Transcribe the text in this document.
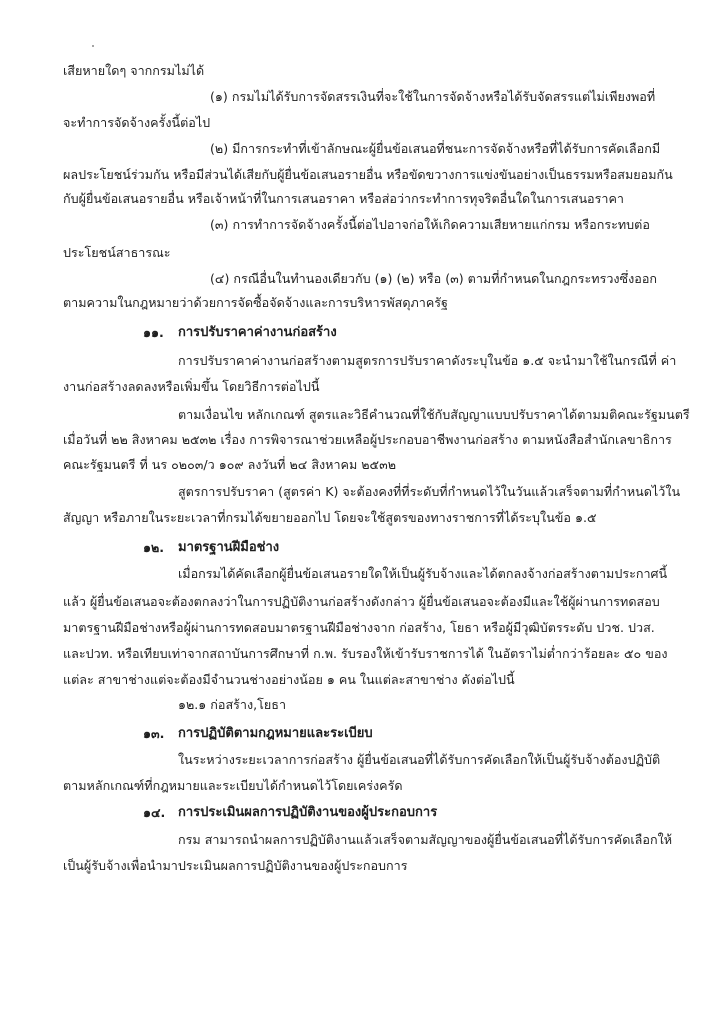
เสียหายใดๆ จากกรมไม่ได้
(๑) กรมไม่ได้รับการจัดสรรเงินที่จะใช้ในการจัดจ้างหรือได้รับจัดสรรแต่ไม่เพียงพอที่
จะทำการจัดจ้างครั้งนี้ต่อไป
(๒) มีการกระทำที่เข้าลักษณะผู้ยื่นข้อเสนอที่ชนะการจัดจ้างหรือที่ได้รับการคัดเลือกมี
ผลประโยชน์ร่วมกัน หรือมีส่วนได้เสียกับผู้ยื่นข้อเสนอรายอื่น หรือขัดขวางการแข่งขันอย่างเป็นธรรมหรือสมยอมกัน
กับผู้ยื่นข้อเสนอรายอื่น หรือเจ้าหน้าที่ในการเสนอราคา หรือส่อว่ากระทำการทุจริตอื่นใดในการเสนอราคา
(๓) การทำการจัดจ้างครั้งนี้ต่อไปอาจก่อให้เกิดความเสียหายแก่กรม หรือกระทบต่อ
ประโยชน์สาธารณะ
(๔) กรณีอื่นในทำนองเดียวกับ (๑) (๒) หรือ (๓) ตามที่กำหนดในกฎกระทรวงซึ่งออก
ตามความในกฎหมายว่าด้วยการจัดซื้อจัดจ้างและการบริหารพัสดุภาครัฐ
๑๑. การปรับราคาค่างานก่อสร้าง
การปรับราคาค่างานก่อสร้างตามสูตรการปรับราคาดังระบุในข้อ ๑.๕ จะนำมาใช้ในกรณีที่ ค่า
งานก่อสร้างลดลงหรือเพิ่มขึ้น โดยวิธีการต่อไปนี้
ตามเงื่อนไข หลักเกณฑ์ สูตรและวิธีคำนวณที่ใช้กับสัญญาแบบปรับราคาได้ตามมติคณะรัฐมนตรี
เมื่อวันที่ ๒๒ สิงหาคม ๒๕๓๒ เรื่อง การพิจารณาช่วยเหลือผู้ประกอบอาชีพงานก่อสร้าง ตามหนังสือสำนักเลขาธิการ
คณะรัฐมนตรี ที่ นร ๐๒๐๓/ว ๑๐๙ ลงวันที่ ๒๔ สิงหาคม ๒๕๓๒
สูตรการปรับราคา (สูตรค่า K) จะต้องคงที่ที่ระดับที่กำหนดไว้ในวันแล้วเสร็จตามที่กำหนดไว้ใน
สัญญา หรือภายในระยะเวลาที่กรมได้ขยายออกไป โดยจะใช้สูตรของทางราชการที่ได้ระบุในข้อ ๑.๕
๑๒. มาตรฐานฝีมือช่าง
เมื่อกรมได้คัดเลือกผู้ยื่นข้อเสนอรายใดให้เป็นผู้รับจ้างและได้ตกลงจ้างก่อสร้างตามประกาศนี้
แล้ว ผู้ยื่นข้อเสนอจะต้องตกลงว่าในการปฏิบัติงานก่อสร้างดังกล่าว ผู้ยื่นข้อเสนอจะต้องมีและใช้ผู้ผ่านการทดสอบ
มาตรฐานฝีมือช่างหรือผู้ผ่านการทดสอบมาตรฐานฝีมือช่างจาก ก่อสร้าง, โยธา หรือผู้มีวุฒิบัตรระดับ ปวช. ปวส.
และปวท. หรือเทียบเท่าจากสถาบันการศึกษาที่ ก.พ. รับรองให้เข้ารับราชการได้ ในอัตราไม่ต่ำกว่าร้อยละ ๕๐ ของ
แต่ละ สาขาช่างแต่จะต้องมีจำนวนช่างอย่างน้อย ๑ คน ในแต่ละสาขาช่าง ดังต่อไปนี้
๑๒.๑ ก่อสร้าง,โยธา
๑๓. การปฏิบัติตามกฎหมายและระเบียบ
ในระหว่างระยะเวลาการก่อสร้าง ผู้ยื่นข้อเสนอที่ได้รับการคัดเลือกให้เป็นผู้รับจ้างต้องปฏิบัติ
ตามหลักเกณฑ์ที่กฎหมายและระเบียบได้กำหนดไว้โดยเคร่งครัด
๑๔. การประเมินผลการปฏิบัติงานของผู้ประกอบการ
กรม สามารถนำผลการปฏิบัติงานแล้วเสร็จตามสัญญาของผู้ยื่นข้อเสนอที่ได้รับการคัดเลือกให้
เป็นผู้รับจ้างเพื่อนำมาประเมินผลการปฏิบัติงานของผู้ประกอบการ
